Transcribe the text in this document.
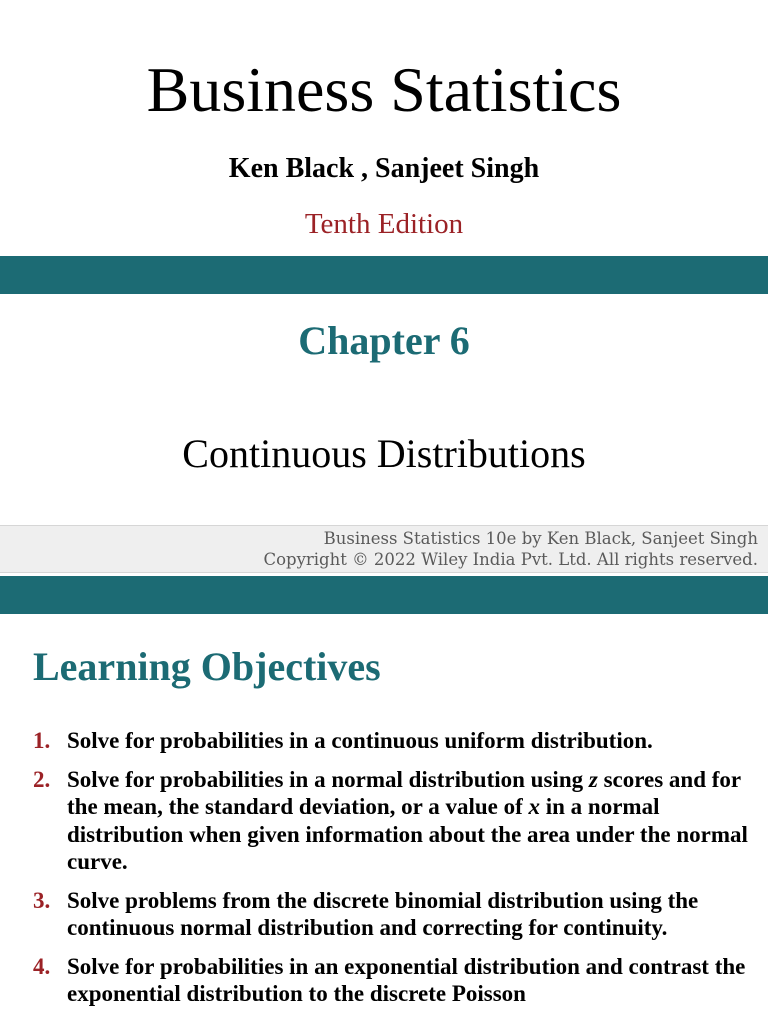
Business Statistics
Ken Black , Sanjeet Singh
Tenth Edition
Chapter 6
Continuous Distributions
Business Statistics 10e by Ken Black, Sanjeet Singh
Copyright © 2022 Wiley India Pvt. Ltd. All rights reserved.
Learning Objectives
1. Solve for probabilities in a continuous uniform distribution.
2. Solve for probabilities in a normal distribution using z scores and for the mean, the standard deviation, or a value of x in a normal distribution when given information about the area under the normal curve.
3. Solve problems from the discrete binomial distribution using the continuous normal distribution and correcting for continuity.
4. Solve for probabilities in an exponential distribution and contrast the exponential distribution to the discrete Poisson
